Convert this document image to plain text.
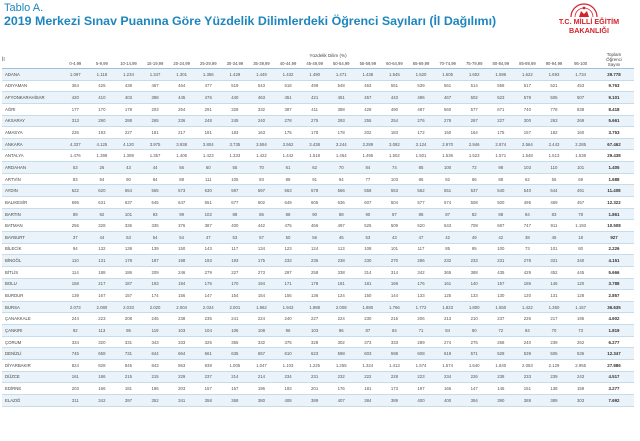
Tablo A.
2019 Merkezi Sınav Puanına Göre Yüzdelik Dilimlerdeki Öğrenci Sayıları (İl Dağılımı)	T.C. MİLLİ EĞİTİM
BAKANLIĞI
İl	Yüzdelik Dilim (%)																				Toplam
Öğrenci
Sayısı

	0-4,99	5-9,99	10-14,99	15-19,99	20-24,99	25-29,99	30-34,99	35-39,99	40-44,99	45-49,99	50-54,99	55-59,99	60-64,99	65-69,99	70-74,99	75-79,99	80-84,99	85-89,99	90-94,99	95-100	
ADANA	1.097	1.118	1.234	1.347	1.301	1.356	1.429	1.449	1.432	1.490	1.471	1.438	1.545	1.520	1.605	1.602	1.596	1.622	1.693	1.734	29.778
ADIYAMAN	364	425	438	467	464	477	519	543	518	499	548	463	551	539	561	514	558	517	521	453	9.763
AFYONKARAHİSAR	420	410	403	398	445	476	440	463	451	421	451	457	443	496	467	502	523	579	505	507	9.101
AĞRI	177	170	178	203	264	291	328	332	387	411	388	428	490	487	560	577	671	740	778	838	8.418
AKSARAY	313	290	288	265	236	248	245	240	278	275	293	255	254	276	278	267	227	300	263	269	5.661
AMASYA	226	193	227	181	217	181	183	163	175	178	178	202	183	172	150	164	175	157	182	160	3.753
ANKARA	4.337	4.125	4.120	3.975	3.938	3.804	3.735	3.594	3.562	3.438	3.244	3.289	3.082	3.124	2.970	2.946	2.874	2.564	2.443	2.285	67.462
ANTALYA	1.476	1.399	1.389	1.357	1.406	1.423	1.333	1.422	1.442	1.518	1.464	1.495	1.502	1.501	1.536	1.523	1.571	1.548	1.513	1.538	29.438
ARDAHAN	53	26	43	44	56	60	55	70	61	62	70	84	74	85	100	72	98	103	110	101	1.405
ARTVİN	83	94	90	84	88	111	105	83	88	91	94	77	103	86	82	66	88	62	55	69	1.688
AYDIN	622	620	654	565	573	630	597	597	563	578	566	558	553	562	551	537	540	540	544	491	11.408
BALIKESİR	695	631	637	645	647	651	677	602	649	605	636	607	504	577	574	508	500	495	469	457	12.322
BARTIN	89	92	101	93	99	102	88	86	88	90	88	90	87	88	87	82	88	84	83	78	1.861
BATMAN	256	328	336	335	376	387	400	442	475	466	497	525	509	520	543	708	687	747	911	1.193	10.508
BAYBURT	37	44	53	54	54	47	53	57	50	56	45	53	43	47	42	49	42	38	45	18	927
BİLECİK	94	132	139	139	150	143	117	134	123	124	113	108	101	117	85	95	100	73	101	80	2.226
BİNGÖL	110	131	178	187	198	193	193	175	233	236	238	230	270	286	232	233	231	278	331	340	4.151
BİTLİS	114	188	186	209	246	279	227	273	297	258	338	314	314	342	365	388	435	429	452	445	5.666
BOLU	158	217	187	193	194	175	170	194	171	178	181	181	169	176	161	140	157	186	146	120	3.788
BURDUR	139	167	157	174	156	147	154	154	155	136	124	150	144	133	125	133	130	120	131	128	2.857
BURSA	2.073	2.080	2.033	2.020	2.004	2.024	2.001	1.962	1.943	1.988	2.008	1.880	1.766	1.772	1.823	1.800	1.550	1.422	1.350	1.157	36.635
ÇANAKKALE	244	223	208	245	238	235	241	224	240	227	224	230	215	206	213	210	237	226	217	195	4.602
ÇANKIRI	92	113	95	119	103	104	106	108	96	103	86	87	84	71	84	90	72	84	70	73	1.819
ÇORUM	334	320	331	343	333	325	355	332	375	328	302	373	333	289	274	275	268	240	239	262	6.277
DENİZLİ	745	658	731	644	664	661	635	657	610	623	598	603	598	608	619	571	528	539	505	536	12.347
DİYARBAKIR	824	828	845	843	863	938	1.005	1.047	1.103	1.225	1.255	1.324	1.413	1.574	1.574	1.640	1.840	2.053	2.129	2.955	27.886
DÜZCE	161	186	215	215	229	237	214	214	234	231	232	222	228	223	234	226	238	233	239	243	4.517
EDİRNE	203	166	181	196	203	157	157	196	193	201	176	181	173	197	166	147	145	151	138	159	3.277
ELAZIĞ	311	342	397	352	341	358	368	380	408	389	407	384	389	400	400	394	390	388	389	303	7.692
